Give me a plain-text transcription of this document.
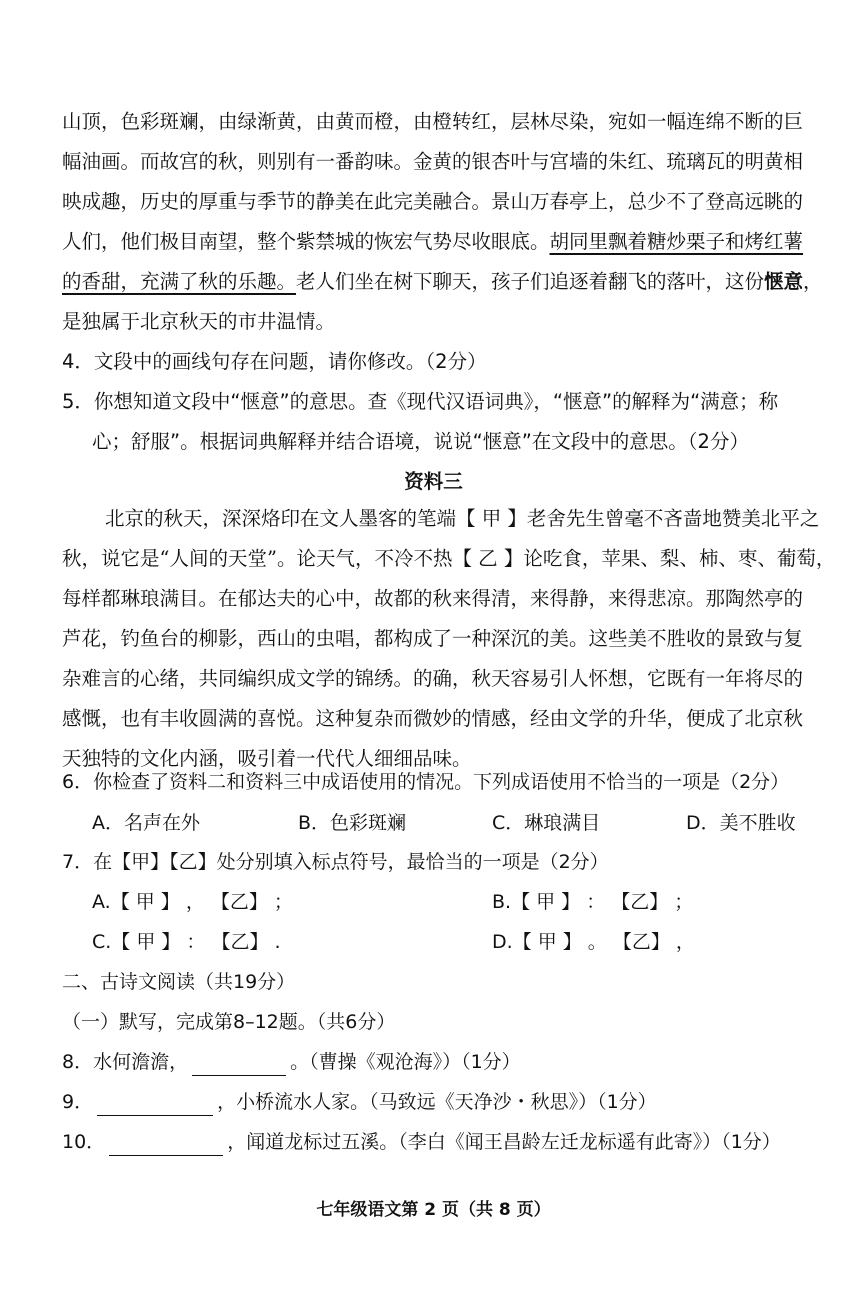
山顶，色彩斑斓，由绿渐黄，由黄而橙，由橙转红，层林尽染，宛如一幅连绵不断的巨
幅油画。而故宫的秋，则别有一番韵味。金黄的银杏叶与宫墙的朱红、琉璃瓦的明黄相
映成趣，历史的厚重与季节的静美在此完美融合。景山万春亭上，总少不了登高远眺的
人们，他们极目南望，整个紫禁城的恢宏气势尽收眼底。胡同里飘着糖炒栗子和烤红薯
的香甜，充满了秋的乐趣。老人们坐在树下聊天，孩子们追逐着翻飞的落叶，这份惬意，
是独属于北京秋天的市井温情。
4．文段中的画线句存在问题，请你修改。（2分）
5．你想知道文段中“惬意”的意思。查《现代汉语词典》，“惬意”的解释为“满意；称
心；舒服”。根据词典解释并结合语境，说说“惬意”在文段中的意思。（2分）
资料三
北京的秋天，深深烙印在文人墨客的笔端【 甲 】老舍先生曾毫不吝啬地赞美北平之
秋，说它是“人间的天堂”。论天气，不冷不热【 乙 】论吃食，苹果、梨、柿、枣、葡萄，
每样都琳琅满目。在郁达夫的心中，故都的秋来得清，来得静，来得悲凉。那陶然亭的
芦花，钓鱼台的柳影，西山的虫唱，都构成了一种深沉的美。这些美不胜收的景致与复
杂难言的心绪，共同编织成文学的锦绣。的确，秋天容易引人怀想，它既有一年将尽的
感慨，也有丰收圆满的喜悦。这种复杂而微妙的情感，经由文学的升华，便成了北京秋
天独特的文化内涵，吸引着一代代人细细品味。
6．你检查了资料二和资料三中成语使用的情况。下列成语使用不恰当的一项是（2分）
A．名声在外	B．色彩斑斓	C．琳琅满目	D．美不胜收
7．在【甲】【乙】处分别填入标点符号，最恰当的一项是（2分）
A.【 甲 】 ， 【乙】 ；	B.【 甲 】 ： 【乙】 ；
C.【 甲 】 ： 【乙】 .	D.【 甲 】 。 【乙】 ，
二、古诗文阅读（共19分）
（一）默写，完成第8–12题。（共6分）
8．水何澹澹，	。（曹操《观沧海》）（1分）
9．	，小桥流水人家。（马致远《天净沙・秋思》）（1分）
10．	，闻道龙标过五溪。（李白《闻王昌龄左迁龙标遥有此寄》）（1分）
七年级语文第 2 页（共 8 页）
